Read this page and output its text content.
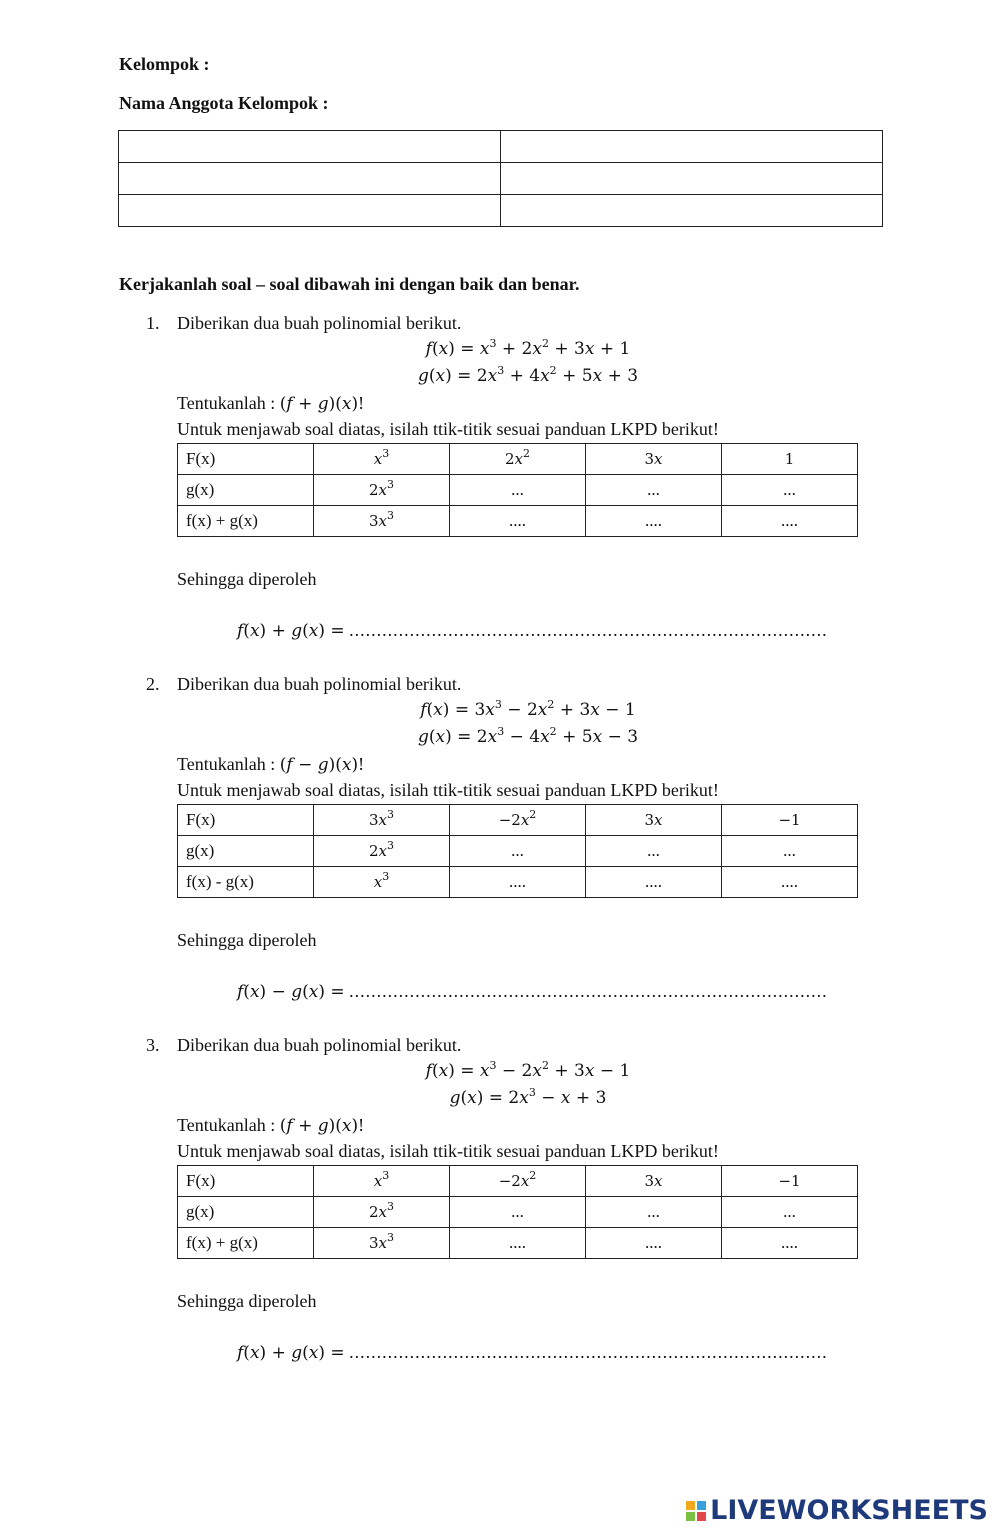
Kelompok :
Nama Anggota Kelompok :

Kerjakanlah soal – soal dibawah ini dengan baik dan benar.
1. Diberikan dua buah polinomial berikut.
$f(x) = x^3 + 2x^2 + 3x + 1$
$g(x) = 2x^3 + 4x^2 + 5x + 3$
Tentukanlah : (f + g)(x)!
Untuk menjawab soal diatas, isilah ttik-titik sesuai panduan LKPD berikut!
F(x)	$x^3$	$2x^2$	3x	1
g(x)	$2x^3$	...	...	...
f(x) + g(x)	$3x^3$	....	....	....
Sehingga diperoleh
f(x) + g(x) = .......................................................................................
2. Diberikan dua buah polinomial berikut.
$f(x) = 3x^3 - 2x^2 + 3x - 1$
$g(x) = 2x^3 - 4x^2 + 5x - 3$
Tentukanlah : (f − g)(x)!
Untuk menjawab soal diatas, isilah ttik-titik sesuai panduan LKPD berikut!
F(x)	$3x^3$	$-2x^2$	3x	−1
g(x)	$2x^3$	...	...	...
f(x) - g(x)	$x^3$	....	....	....
Sehingga diperoleh
f(x) − g(x) = .......................................................................................
3. Diberikan dua buah polinomial berikut.
$f(x) = x^3 - 2x^2 + 3x - 1$
$g(x) = 2x^3 - x + 3$
Tentukanlah : (f + g)(x)!
Untuk menjawab soal diatas, isilah ttik-titik sesuai panduan LKPD berikut!
F(x)	$x^3$	$-2x^2$	3x	−1
g(x)	$2x^3$	...	...	...
f(x) + g(x)	$3x^3$	....	....	....
Sehingga diperoleh
f(x) + g(x) = .......................................................................................
LIVEWORKSHEETS
